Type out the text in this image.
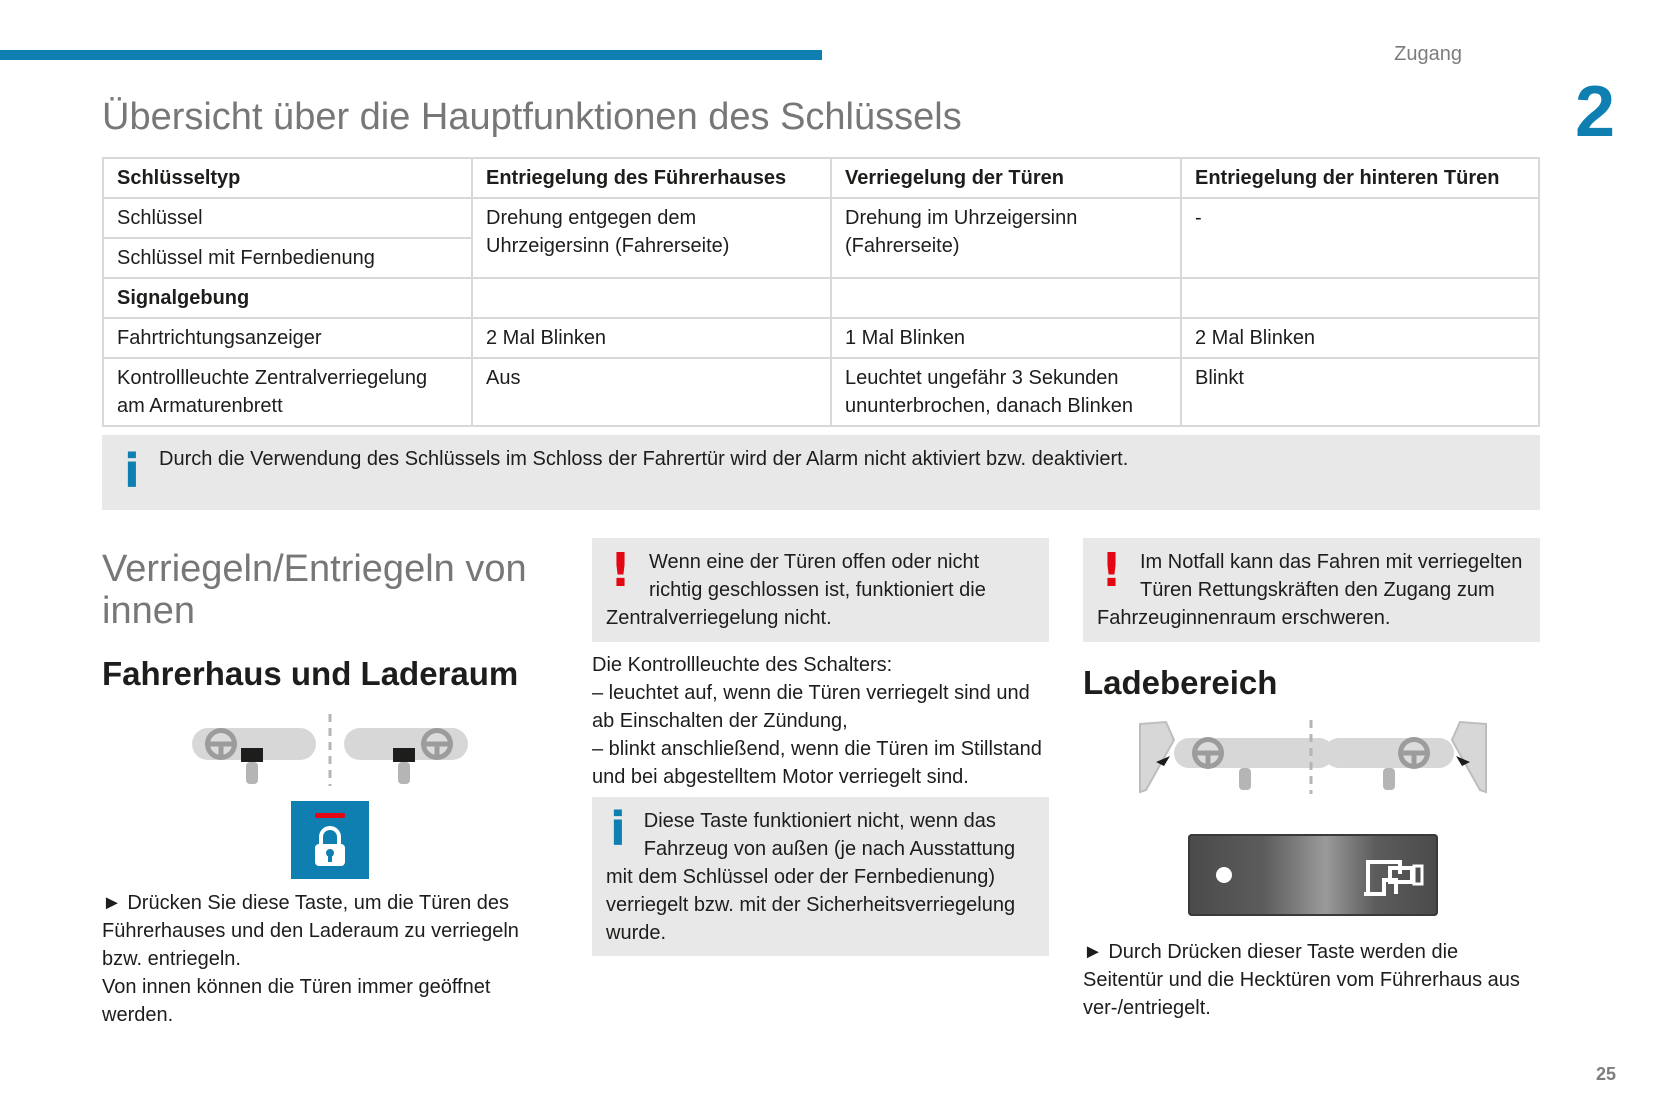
Zugang
2
25
Übersicht über die Hauptfunktionen des Schlüssels
Schlüsseltyp	Entriegelung des Führerhauses	Verriegelung der Türen	Entriegelung der hinteren Türen
Schlüssel	Drehung entgegen dem Uhrzeigersinn (Fahrerseite)	Drehung im Uhrzeigersinn (Fahrerseite)	-
Schlüssel mit Fernbedienung			
Signalgebung			
Fahrtrichtungsanzeiger	2 Mal Blinken	1 Mal Blinken	2 Mal Blinken
Kontrollleuchte Zentralverriegelung am Armaturenbrett	Aus	Leuchtet ungefähr 3 Sekunden ununterbrochen, danach Blinken	Blinkt
i Durch die Verwendung des Schlüssels im Schloss der Fahrertür wird der Alarm nicht aktiviert bzw. deaktiviert.
Verriegeln/Entriegeln von innen
Fahrerhaus und Laderaum

► Drücken Sie diese Taste, um die Türen des Führerhauses und den Laderaum zu verriegeln bzw. entriegeln.

Von innen können die Türen immer geöffnet werden.

! Wenn eine der Türen offen oder nicht richtig geschlossen ist, funktioniert die Zentralverriegelung nicht.

Die Kontrollleuchte des Schalters:

– leuchtet auf, wenn die Türen verriegelt sind und ab Einschalten der Zündung,

– blinkt anschließend, wenn die Türen im Stillstand und bei abgestelltem Motor verriegelt sind.

i Diese Taste funktioniert nicht, wenn das Fahrzeug von außen (je nach Ausstattung mit dem Schlüssel oder der Fernbedienung) verriegelt bzw. mit der Sicherheitsverriegelung wurde.
! Im Notfall kann das Fahren mit verriegelten Türen Rettungskräften den Zugang zum Fahrzeuginnenraum erschweren.
Ladebereich

► Durch Drücken dieser Taste werden die Seitentür und die Hecktüren vom Führerhaus aus ver-/entriegelt.
